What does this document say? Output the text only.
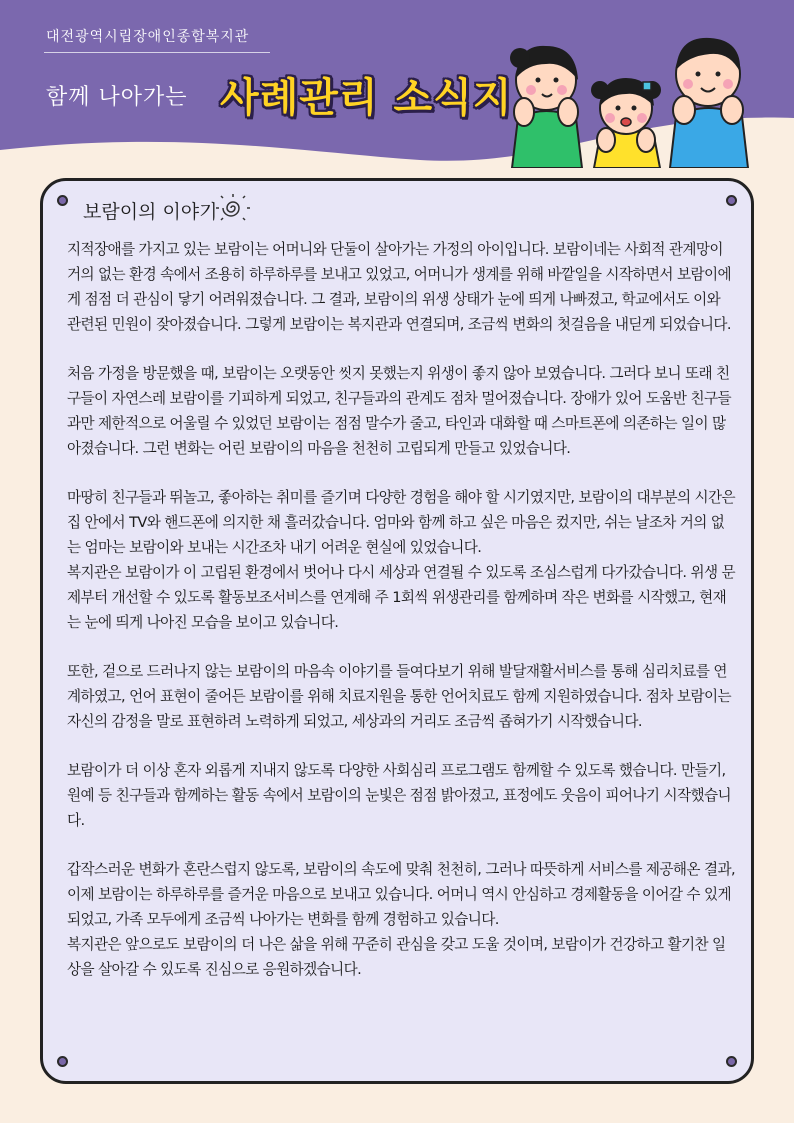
대전광역시립장애인종합복지관
함께 나아가는 사례관리 소식지
보람이의 이야기

지적장애를 가지고 있는 보람이는 어머니와 단둘이 살아가는 가정의 아이입니다. 보람이네는 사회적 관계망이 거의 없는 환경 속에서 조용히 하루하루를 보내고 있었고, 어머니가 생계를 위해 바깥일을 시작하면서 보람이에게 점점 더 관심이 닿기 어려워졌습니다. 그 결과, 보람이의 위생 상태가 눈에 띄게 나빠졌고, 학교에서도 이와 관련된 민원이 잦아졌습니다. 그렇게 보람이는 복지관과 연결되며, 조금씩 변화의 첫걸음을 내딛게 되었습니다.

처음 가정을 방문했을 때, 보람이는 오랫동안 씻지 못했는지 위생이 좋지 않아 보였습니다. 그러다 보니 또래 친구들이 자연스레 보람이를 기피하게 되었고, 친구들과의 관계도 점차 멀어졌습니다. 장애가 있어 도움반 친구들과만 제한적으로 어울릴 수 있었던 보람이는 점점 말수가 줄고, 타인과 대화할 때 스마트폰에 의존하는 일이 많아졌습니다. 그런 변화는 어린 보람이의 마음을 천천히 고립되게 만들고 있었습니다.

마땅히 친구들과 뛰놀고, 좋아하는 취미를 즐기며 다양한 경험을 해야 할 시기였지만, 보람이의 대부분의 시간은 집 안에서 TV와 핸드폰에 의지한 채 흘러갔습니다. 엄마와 함께 하고 싶은 마음은 컸지만, 쉬는 날조차 거의 없는 엄마는 보람이와 보내는 시간조차 내기 어려운 현실에 있었습니다.
복지관은 보람이가 이 고립된 환경에서 벗어나 다시 세상과 연결될 수 있도록 조심스럽게 다가갔습니다. 위생 문제부터 개선할 수 있도록 활동보조서비스를 연계해 주 1회씩 위생관리를 함께하며 작은 변화를 시작했고, 현재는 눈에 띄게 나아진 모습을 보이고 있습니다.

또한, 겉으로 드러나지 않는 보람이의 마음속 이야기를 들여다보기 위해 발달재활서비스를 통해 심리치료를 연계하였고, 언어 표현이 줄어든 보람이를 위해 치료지원을 통한 언어치료도 함께 지원하였습니다. 점차 보람이는 자신의 감정을 말로 표현하려 노력하게 되었고, 세상과의 거리도 조금씩 좁혀가기 시작했습니다.

보람이가 더 이상 혼자 외롭게 지내지 않도록 다양한 사회심리 프로그램도 함께할 수 있도록 했습니다. 만들기, 원예 등 친구들과 함께하는 활동 속에서 보람이의 눈빛은 점점 밝아졌고, 표정에도 웃음이 피어나기 시작했습니다.

갑작스러운 변화가 혼란스럽지 않도록, 보람이의 속도에 맞춰 천천히, 그러나 따뜻하게 서비스를 제공해온 결과, 이제 보람이는 하루하루를 즐거운 마음으로 보내고 있습니다. 어머니 역시 안심하고 경제활동을 이어갈 수 있게 되었고, 가족 모두에게 조금씩 나아가는 변화를 함께 경험하고 있습니다.
복지관은 앞으로도 보람이의 더 나은 삶을 위해 꾸준히 관심을 갖고 도울 것이며, 보람이가 건강하고 활기찬 일상을 살아갈 수 있도록 진심으로 응원하겠습니다.
